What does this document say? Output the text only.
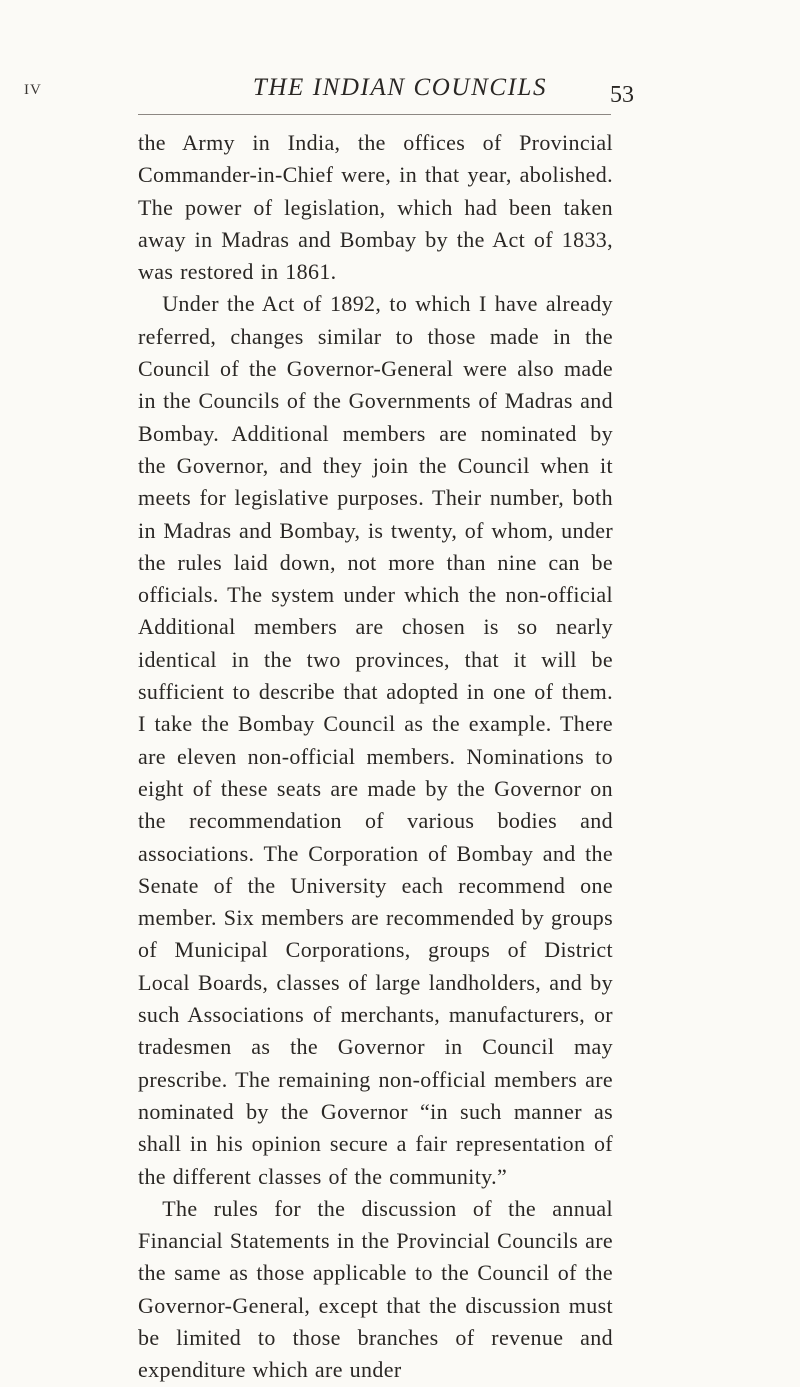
IV	THE INDIAN COUNCILS	53

the Army in India, the offices of Provincial Commander-in-Chief were, in that year, abolished. The power of legislation, which had been taken away in Madras and Bombay by the Act of 1833, was restored in 1861.

Under the Act of 1892, to which I have already referred, changes similar to those made in the Council of the Governor-General were also made in the Councils of the Governments of Madras and Bombay. Additional members are nominated by the Governor, and they join the Council when it meets for legislative purposes. Their number, both in Madras and Bombay, is twenty, of whom, under the rules laid down, not more than nine can be officials. The system under which the non-official Additional members are chosen is so nearly identical in the two provinces, that it will be sufficient to describe that adopted in one of them. I take the Bombay Council as the example. There are eleven non-official members. Nominations to eight of these seats are made by the Governor on the recommendation of various bodies and associations. The Corporation of Bombay and the Senate of the University each recommend one member. Six members are recommended by groups of Municipal Corporations, groups of District Local Boards, classes of large landholders, and by such Associations of merchants, manufacturers, or tradesmen as the Governor in Council may prescribe. The remaining non-official members are nominated by the Governor “in such manner as shall in his opinion secure a fair representation of the different classes of the community.”

The rules for the discussion of the annual Financial Statements in the Provincial Councils are the same as those applicable to the Council of the Governor-General, except that the discussion must be limited to those branches of revenue and expenditure which are under
